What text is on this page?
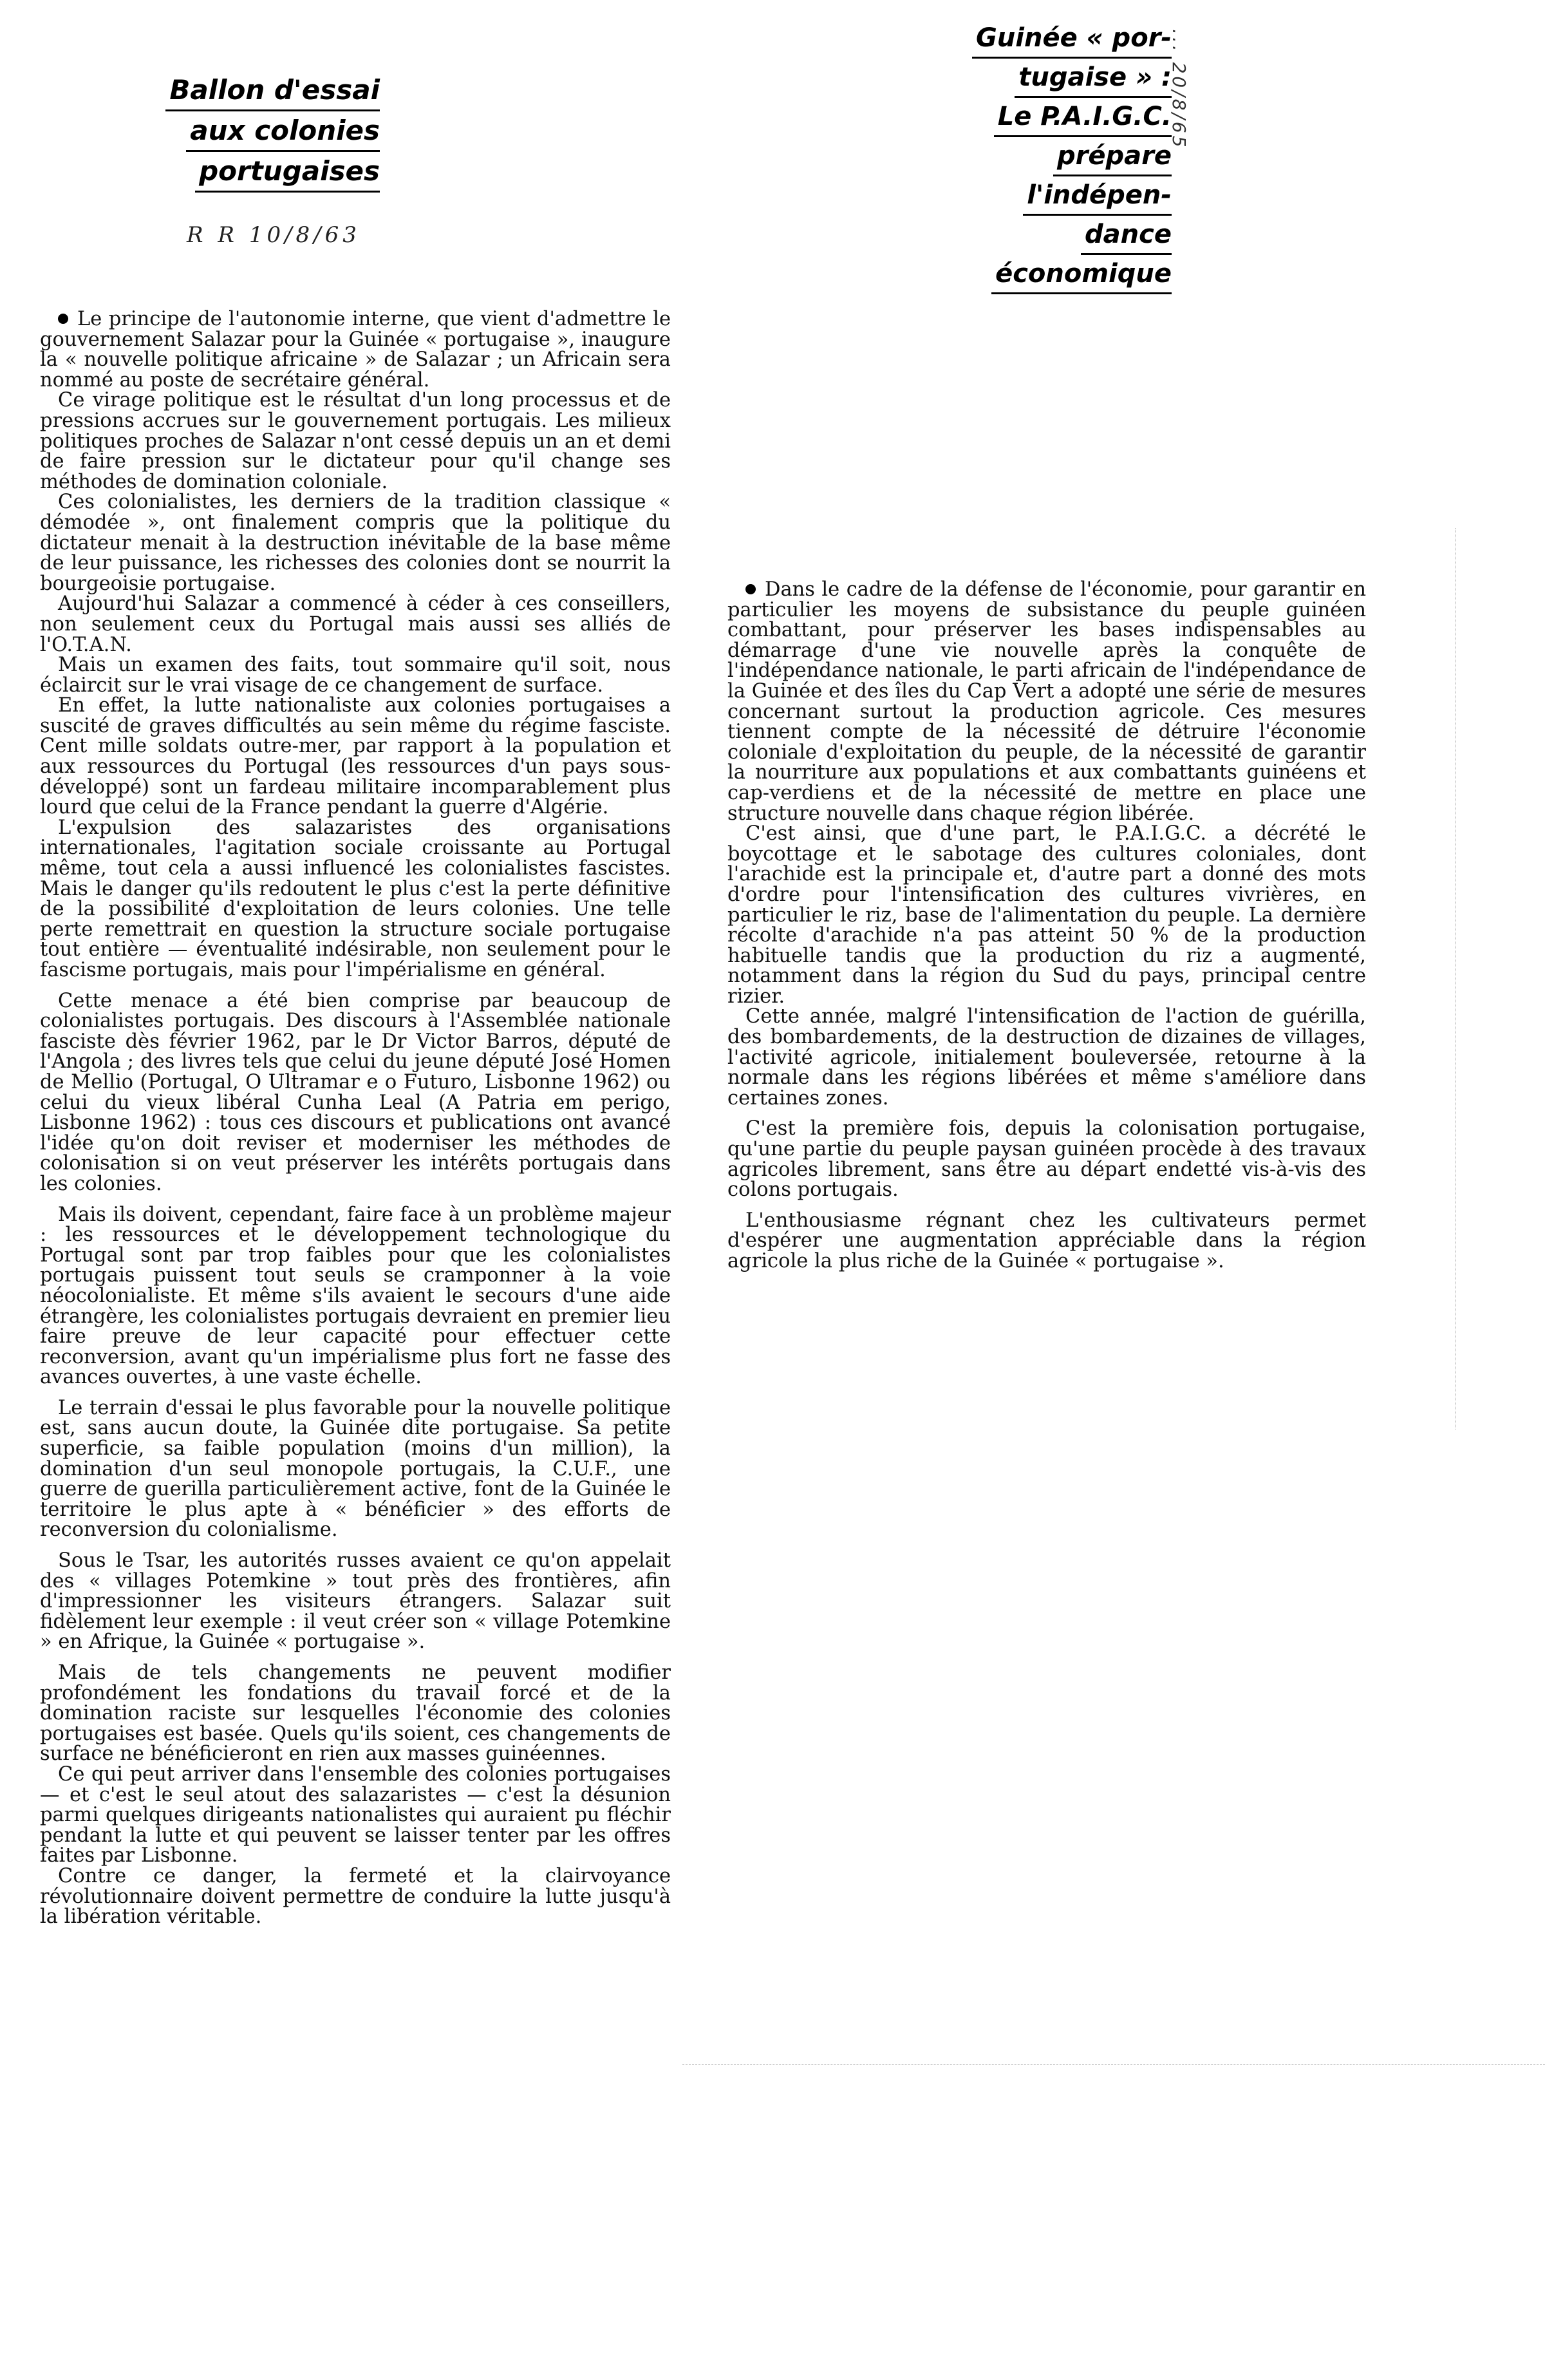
Ballon d'essai
aux colonies
portugaises
R R 10/8/63
Guinée « por-
tugaise » :
Le P.A.I.G.C.
prépare
l'indépen-
dance
économique
... 20/8/65

Le principe de l'autonomie interne, que vient d'admettre le gouvernement Salazar pour la Guinée « portugaise », inaugure la « nouvelle politique africaine » de Salazar ; un Africain sera nommé au poste de secrétaire général.

Ce virage politique est le résultat d'un long processus et de pressions accrues sur le gouvernement portugais. Les milieux politiques proches de Salazar n'ont cessé depuis un an et demi de faire pression sur le dictateur pour qu'il change ses méthodes de domination coloniale.

Ces colonialistes, les derniers de la tradition classique « démodée », ont finalement compris que la politique du dictateur menait à la destruction inévitable de la base même de leur puissance, les richesses des colonies dont se nourrit la bourgeoisie portugaise.

Aujourd'hui Salazar a commencé à céder à ces conseillers, non seulement ceux du Portugal mais aussi ses alliés de l'O.T.A.N.

Mais un examen des faits, tout sommaire qu'il soit, nous éclaircit sur le vrai visage de ce changement de surface.

En effet, la lutte nationaliste aux colonies portugaises a suscité de graves difficultés au sein même du régime fasciste. Cent mille soldats outre-mer, par rapport à la population et aux ressources du Portugal (les ressources d'un pays sous-développé) sont un fardeau militaire incomparablement plus lourd que celui de la France pendant la guerre d'Algérie.

L'expulsion des salazaristes des organisations internationales, l'agitation sociale croissante au Portugal même, tout cela a aussi influencé les colonialistes fascistes. Mais le danger qu'ils redoutent le plus c'est la perte définitive de la possibilité d'exploitation de leurs colonies. Une telle perte remettrait en question la structure sociale portugaise tout entière — éventualité indésirable, non seulement pour le fascisme portugais, mais pour l'impérialisme en général.

Cette menace a été bien comprise par beaucoup de colonialistes portugais. Des discours à l'Assemblée nationale fasciste dès février 1962, par le Dr Victor Barros, député de l'Angola ; des livres tels que celui du jeune député José Homen de Mellio (Portugal, O Ultramar e o Futuro, Lisbonne 1962) ou celui du vieux libéral Cunha Leal (A Patria em perigo, Lisbonne 1962) : tous ces discours et publications ont avancé l'idée qu'on doit reviser et moderniser les méthodes de colonisation si on veut préserver les intérêts portugais dans les colonies.

Mais ils doivent, cependant, faire face à un problème majeur : les ressources et le développement technologique du Portugal sont par trop faibles pour que les colonialistes portugais puissent tout seuls se cramponner à la voie néocolonialiste. Et même s'ils avaient le secours d'une aide étrangère, les colonialistes portugais devraient en premier lieu faire preuve de leur capacité pour effectuer cette reconversion, avant qu'un impérialisme plus fort ne fasse des avances ouvertes, à une vaste échelle.

Le terrain d'essai le plus favorable pour la nouvelle politique est, sans aucun doute, la Guinée dite portugaise. Sa petite superficie, sa faible population (moins d'un million), la domination d'un seul monopole portugais, la C.U.F., une guerre de guerilla particulièrement active, font de la Guinée le territoire le plus apte à « bénéficier » des efforts de reconversion du colonialisme.

Sous le Tsar, les autorités russes avaient ce qu'on appelait des « villages Potemkine » tout près des frontières, afin d'impressionner les visiteurs étrangers. Salazar suit fidèlement leur exemple : il veut créer son « village Potemkine » en Afrique, la Guinée « portugaise ».

Mais de tels changements ne peuvent modifier profondément les fondations du travail forcé et de la domination raciste sur lesquelles l'économie des colonies portugaises est basée. Quels qu'ils soient, ces changements de surface ne bénéficieront en rien aux masses guinéennes.

Ce qui peut arriver dans l'ensemble des colonies portugaises — et c'est le seul atout des salazaristes — c'est la désunion parmi quelques dirigeants nationalistes qui auraient pu fléchir pendant la lutte et qui peuvent se laisser tenter par les offres faites par Lisbonne.

Contre ce danger, la fermeté et la clairvoyance révolutionnaire doivent permettre de conduire la lutte jusqu'à la libération véritable.

Dans le cadre de la défense de l'économie, pour garantir en particulier les moyens de subsistance du peuple guinéen combattant, pour préserver les bases indispensables au démarrage d'une vie nouvelle après la conquête de l'indépendance nationale, le parti africain de l'indépendance de la Guinée et des îles du Cap Vert a adopté une série de mesures concernant surtout la production agricole. Ces mesures tiennent compte de la nécessité de détruire l'économie coloniale d'exploitation du peuple, de la nécessité de garantir la nourriture aux populations et aux combattants guinéens et cap-verdiens et de la nécessité de mettre en place une structure nouvelle dans chaque région libérée.

C'est ainsi, que d'une part, le P.A.I.G.C. a décrété le boycottage et le sabotage des cultures coloniales, dont l'arachide est la principale et, d'autre part a donné des mots d'ordre pour l'intensification des cultures vivrières, en particulier le riz, base de l'alimentation du peuple. La dernière récolte d'arachide n'a pas atteint 50 % de la production habituelle tandis que la production du riz a augmenté, notamment dans la région du Sud du pays, principal centre rizier.

Cette année, malgré l'intensification de l'action de guérilla, des bombardements, de la destruction de dizaines de villages, l'activité agricole, initialement bouleversée, retourne à la normale dans les régions libérées et même s'améliore dans certaines zones.

C'est la première fois, depuis la colonisation portugaise, qu'une partie du peuple paysan guinéen procède à des travaux agricoles librement, sans être au départ endetté vis-à-vis des colons portugais.

L'enthousiasme régnant chez les cultivateurs permet d'espérer une augmentation appréciable dans la région agricole la plus riche de la Guinée « portugaise ».
